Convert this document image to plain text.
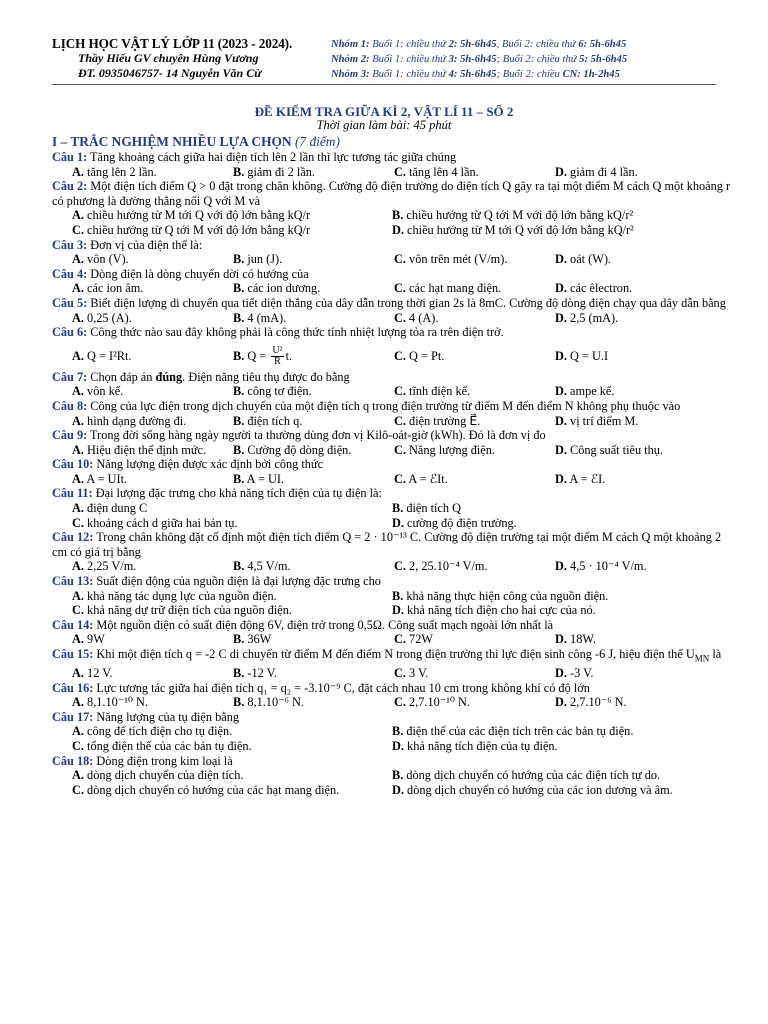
LỊCH HỌC VẬT LÝ LỚP 11 (2023 - 2024).
Thầy Hiếu GV chuyên Hùng Vương
ĐT. 0935046757- 14 Nguyễn Văn Cừ
Nhóm 1: Buổi 1: chiều thứ 2: 5h-6h45, Buổi 2: chiều thứ 6: 5h-6h45
Nhóm 2: Buổi 1: chiều thứ 3: 5h-6h45; Buổi 2: chiều thứ 5: 5h-6h45
Nhóm 3: Buổi 1: chiều thứ 4: 5h-6h45; Buổi 2: chiều CN: 1h-2h45
ĐỀ KIỂM TRA GIỮA KÌ 2, VẬT LÍ 11 – SỐ 2
Thời gian làm bài: 45 phút
I – TRẮC NGHIỆM NHIỀU LỰA CHỌN (7 điểm)
Câu 1: Tăng khoảng cách giữa hai điện tích lên 2 lần thì lực tương tác giữa chúng
A. tăng lên 2 lần.	B. giảm đi 2 lần.	C. tăng lên 4 lần.	D. giảm đi 4 lần.
Câu 2: Một điện tích điểm Q > 0 đặt trong chân không. Cường độ điện trường do điện tích Q gây ra tại một điểm M cách Q một khoảng r có phương là đường thẳng nối Q với M và
A. chiều hướng từ M tới Q với độ lớn bằng kQ/r	B. chiều hướng từ Q tới M với độ lớn bằng kQ/r²
C. chiều hướng từ Q tới M với độ lớn bằng kQ/r	D. chiều hướng từ M tới Q với độ lớn bằng kQ/r²
Câu 3: Đơn vị của điện thế là:
A. vôn (V).	B. jun (J).	C. vôn trên mét (V/m).	D. oát (W).
Câu 4: Dòng điện là dòng chuyển dời có hướng của
A. các ion âm.	B. các ion dương.	C. các hạt mang điện.	D. các êlectron.
Câu 5: Biết điện lượng di chuyển qua tiết diện thẳng của dây dẫn trong thời gian 2s là 8mC. Cường độ dòng điện chạy qua dây dẫn bằng
A. 0,25 (A).	B. 4 (mA).	C. 4 (A).	D. 2,5 (mA).
Câu 6: Công thức nào sau đây không phải là công thức tính nhiệt lượng tỏa ra trên điện trở.
A. Q = I²Rt.	B. $Q = \frac{\text{U²}}{R} t$.	C. Q = Pt.	D. Q = U.I
Câu 7: Chọn đáp án đúng. Điện năng tiêu thụ được đo bằng
A. vôn kế.	B. công tơ điện.	C. tĩnh điện kế.	D. ampe kế.
Câu 8: Công của lực điện trong dịch chuyển của một điện tích q trong điện trường từ điểm M đến điểm N không phụ thuộc vào
A. hình dạng đường đi.	B. điện tích q.	C. điện trường E⃗.	D. vị trí điểm M.
Câu 9: Trong đời sống hàng ngày người ta thường dùng đơn vị Kilô-oát-giờ (kWh). Đó là đơn vị đo
A. Hiệu điện thế định mức.	B. Cường độ dòng điện.	C. Năng lượng điện.	D. Công suất tiêu thụ.
Câu 10: Năng lượng điện được xác định bởi công thức
A. A = UIt.	B. A = UI.	C. A = ℰIt.	D. A = ℰI.
Câu 11: Đại lượng đặc trưng cho khả năng tích điện của tụ điện là:
A. điện dung C	B. điện tích Q
C. khoảng cách d giữa hai bản tụ.	D. cường độ điện trường.
Câu 12: Trong chân không đặt cố định một điện tích điểm Q = 2 · 10⁻¹³ C. Cường độ điện trường tại một điểm M cách Q một khoảng 2 cm có giá trị bằng
A. 2,25 V/m.	B. 4,5 V/m.	C. 2, 25.10⁻⁴ V/m.	D. 4,5 · 10⁻⁴ V/m.
Câu 13: Suất điện động của nguồn điện là đại lượng đặc trưng cho
A. khả năng tác dụng lực của nguồn điện.	B. khả năng thực hiện công của nguồn điện.
C. khả năng dự trữ điện tích của nguồn điện.	D. khả năng tích điện cho hai cực của nó.
Câu 14: Một nguồn điện có suất điện động 6V, điện trở trong 0,5Ω. Công suất mạch ngoài lớn nhất là
A. 9W	B. 36W	C. 72W	D. 18W.
Câu 15: Khi một điện tích q = -2 C di chuyển từ điểm M đến điểm N trong điện trường thì lực điện sinh công -6 J, hiệu điện thế $U_{MN}$ là
A. 12 V.	B. -12 V.	C. 3 V.	D. -3 V.
Câu 16: Lực tương tác giữa hai điện tích q₁ = q₂ = -3.10⁻⁹ C, đặt cách nhau 10 cm trong không khí có độ lớn
A. 8,1.10⁻¹⁰ N.	B. 8,1.10⁻⁶ N.	C. 2,7.10⁻¹⁰ N.	D. 2,7.10⁻⁶ N.
Câu 17: Năng lượng của tụ điện bằng
A. công để tích điện cho tụ điện.	B. điện thế của các điện tích trên các bản tụ điện.
C. tổng điện thế của các bản tụ điện.	D. khả năng tích điện của tụ điện.
Câu 18: Dòng điện trong kim loại là
A. dòng dịch chuyển của điện tích.	B. dòng dịch chuyển có hướng của các điện tích tự do.
C. dòng dịch chuyển có hướng của các hạt mang điện.	D. dòng dịch chuyển có hướng của các ion dương và âm.
